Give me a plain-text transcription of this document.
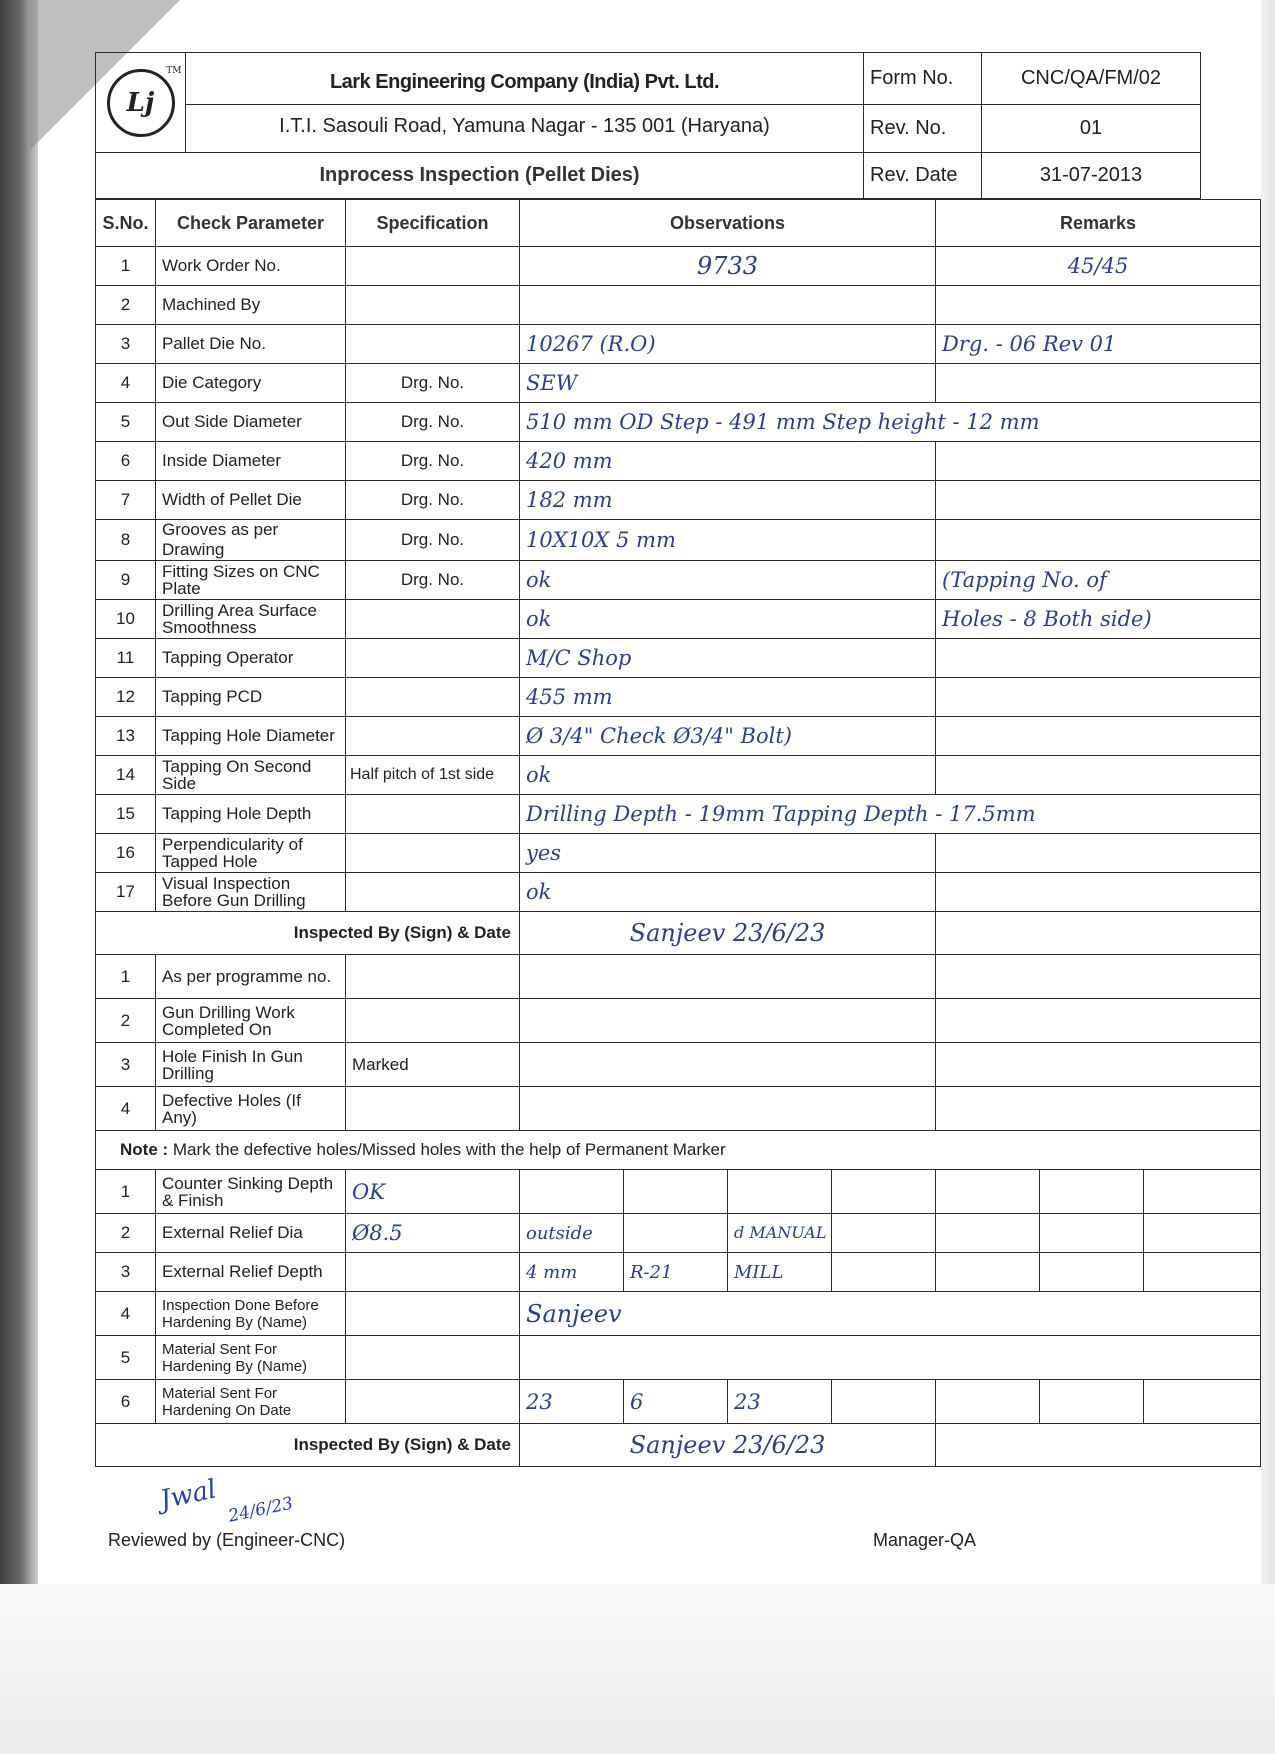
Lj
TM	Lark Engineering Company (India) Pvt. Ltd.	Form No.	CNC/QA/FM/02
	I.T.I. Sasouli Road, Yamuna Nagar - 135 001 (Haryana)	Rev. No.	01
Inprocess Inspection (Pellet Dies)		Rev. Date	31-07-2013
S.No.	Check Parameter	Specification	Observations				Remarks		
1	Work Order No.		9733				45/45		
2	Machined By								
3	Pallet Die No.		10267 (R.O)				Drg. - 06 Rev 01		
4	Die Category	Drg. No.	SEW						
5	Out Side Diameter	Drg. No.	510 mm OD Step - 491 mm Step height - 12 mm						
6	Inside Diameter	Drg. No.	420 mm						
7	Width of Pellet Die	Drg. No.	182 mm						
8	Grooves as per Drawing	Drg. No.	10X10X 5 mm						
9	Fitting Sizes on CNC Plate	Drg. No.	ok				(Tapping No. of		
10	Drilling Area Surface Smoothness		ok				Holes - 8 Both side)		
11	Tapping Operator		M/C Shop						
12	Tapping PCD		455 mm						
13	Tapping Hole Diameter		Ø 3/4" Check Ø3/4" Bolt)						
14	Tapping On Second Side	Half pitch of 1st side	ok						
15	Tapping Hole Depth		Drilling Depth - 19mm Tapping Depth - 17.5mm						
16	Perpendicularity of Tapped Hole		yes						
17	Visual Inspection Before Gun Drilling		ok						
Inspected By (Sign) & Date			Sanjeev 23/6/23						
1	As per programme no.								
2	Gun Drilling Work Completed On								
3	Hole Finish In Gun Drilling	Marked							
4	Defective Holes (If Any)								
Note : Mark the defective holes/Missed holes with the help of Permanent Marker									
1	Counter Sinking Depth & Finish	OK							
2	External Relief Dia	Ø8.5	outside		d MANUAL				
3	External Relief Depth		4 mm	R-21	MILL				
4	Inspection Done Before Hardening By (Name)		Sanjeev						
5	Material Sent For Hardening By (Name)								
6	Material Sent For Hardening On Date		23	6	23				
Inspected By (Sign) & Date			Sanjeev 23/6/23						
Jwal 24/6/23
Reviewed by (Engineer-CNC)	Manager-QA
